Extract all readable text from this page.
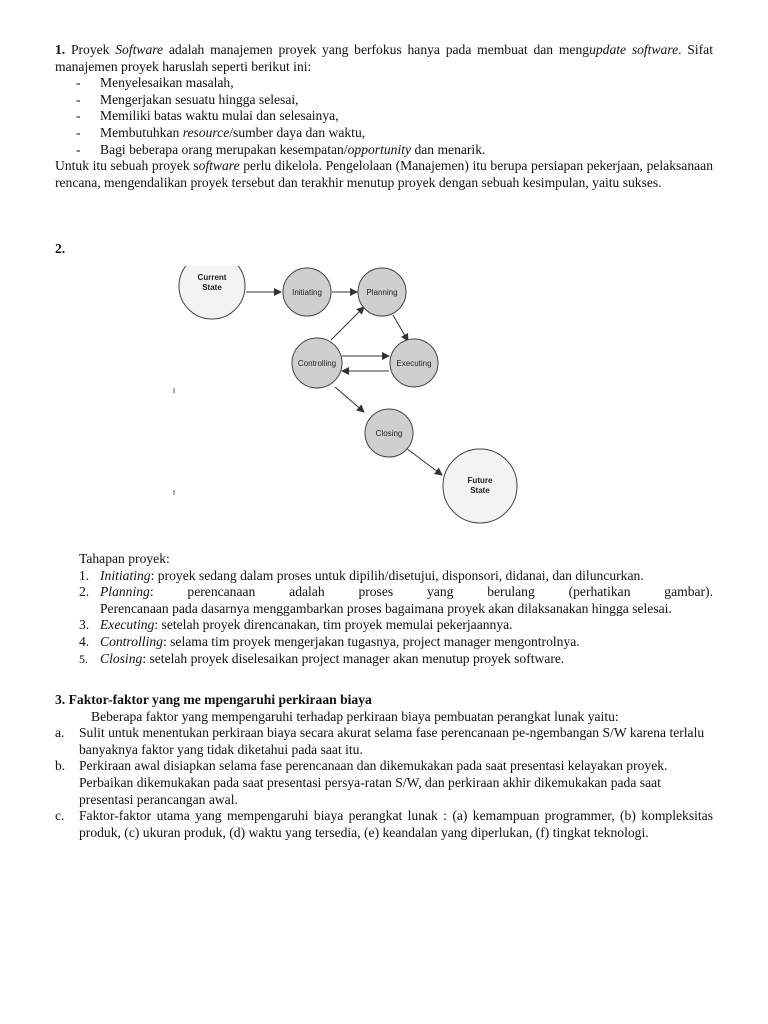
1. Proyek Software adalah manajemen proyek yang berfokus hanya pada membuat dan mengupdate software. Sifat manajemen proyek haruslah seperti berikut ini:

- Menyelesaikan masalah,
- Mengerjakan sesuatu hingga selesai,
- Memiliki batas waktu mulai dan selesainya,
- Membutuhkan resource/sumber daya dan waktu,
- Bagi beberapa orang merupakan kesempatan/opportunity dan menarik.

Untuk itu sebuah proyek software perlu dikelola. Pengelolaan (Manajemen) itu berupa persiapan pekerjaan, pelaksanaan rencana, mengendalikan proyek tersebut dan terakhir menutup proyek dengan sebuah kesimpulan, yaitu sukses.

2.
Current
State
Initiating	Planning
Controlling	Executing
Closing
Future
State
Tahapan proyek:
1. Initiating: proyek sedang dalam proses untuk dipilih/disetujui, disponsori, didanai, dan diluncurkan.
2. Planning: perencanaan adalah proses yang berulang (perhatikan gambar).
Perencanaan pada dasarnya menggambarkan proses bagaimana proyek akan dilaksanakan hingga selesai.
3. Executing: setelah proyek direncanakan, tim proyek memulai pekerjaannya.
4. Controlling: selama tim proyek mengerjakan tugasnya, project manager mengontrolnya.
5. Closing: setelah proyek diselesaikan project manager akan menutup proyek software.
3. Faktor-faktor yang me mpengaruhi perkiraan biaya

Beberapa faktor yang mempengaruhi terhadap perkiraan biaya pembuatan perangkat lunak yaitu:

a. Sulit untuk menentukan perkiraan biaya secara akurat selama fase perencanaan pe-ngembangan S/W karena terlalu banyaknya faktor yang tidak diketahui pada saat itu.
b. Perkiraan awal disiapkan selama fase perencanaan dan dikemukakan pada saat presentasi kelayakan proyek. Perbaikan dikemukakan pada saat presentasi persya-ratan S/W, dan perkiraan akhir dikemukakan pada saat presentasi perancangan awal.
c. Faktor-faktor utama yang mempengaruhi biaya perangkat lunak : (a) kemampuan programmer, (b) kompleksitas produk, (c) ukuran produk, (d) waktu yang tersedia, (e) keandalan yang diperlukan, (f) tingkat teknologi.
